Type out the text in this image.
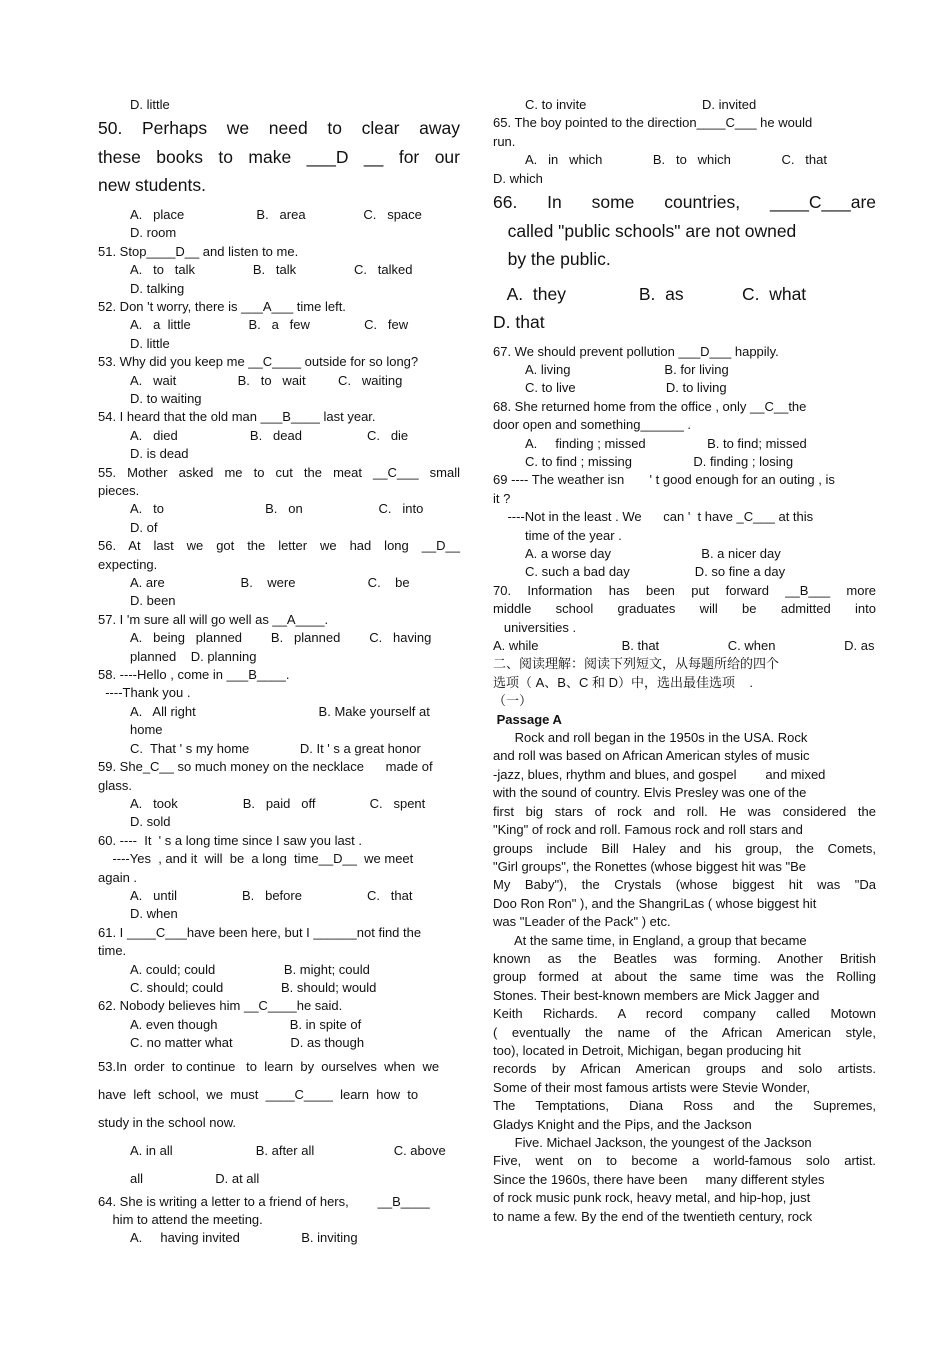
D. little
50. Perhaps we need to clear away
these books to make ___D __ for our
new students.
A.   place                    B.   area                C.   space
D. room
51. Stop____D__ and listen to me.
A.   to   talk                B.   talk                C.   talked
D. talking
52. Don 't worry, there is ___A___ time left.
A.   a  little                B.   a   few               C.   few
D. little
53. Why did you keep me __C____ outside for so long?
A.   wait                 B.   to   wait         C.   waiting
D. to waiting
54. I heard that the old man ___B____ last year.
A.   died                    B.   dead                  C.   die
D. is dead
55. Mother asked me to cut the meat __C___ small
pieces.
A.   to                            B.   on                     C.   into
D. of
56. At last we got the letter we had long __D__
expecting.
A. are                     B.    were                    C.    be
D. been
57. I 'm sure all will go well as __A____.
A.   being   planned        B.   planned        C.   having
planned    D. planning
58. ----Hello , come in ___B____.
----Thank you .
A.   All right                                  B. Make yourself at
home
C.  That ' s my home              D. It ' s a great honor
59. She_C__ so much money on the necklace      made of
glass.
A.   took                  B.   paid   off               C.   spent
D. sold
60. ----  It  ' s a long time since I saw you last .
----Yes  , and it  will  be  a long  time__D__  we meet
again .
A.   until                  B.   before                  C.   that
D. when
61. I ____C___have been here, but I ______not find the
time.
A. could; could                   B. might; could
C. should; could                B. should; would
62. Nobody believes him __C____he said.
A. even though                    B. in spite of
C. no matter what                D. as though
53.In  order  to continue   to  learn  by  ourselves  when  we
have  left  school,  we  must  ____C____  learn  how  to
study in the school now.
A. in all                       B. after all                      C. above
all                    D. at all
64. She is writing a letter to a friend of hers,        __B____
him to attend the meeting.
A.     having invited                 B. inviting
C. to invite                                D. invited
65. The boy pointed to the direction____C___ he would
run.
A.   in   which              B.   to   which              C.   that
D. which
66. In some countries, ____C___are
called "public schools" are not owned
by the public.
A.  they               B.  as            C.  what
D. that
67. We should prevent pollution ___D___ happily.
A. living                          B. for living
C. to live                         D. to living
68. She returned home from the office , only __C__the
door open and something______ .
A.     finding ; missed                 B. to find; missed
C. to find ; missing                 D. finding ; losing
69 ---- The weather isn       ' t good enough for an outing , is
it ?
----Not in the least . We      can '  t have _C___ at this
time of the year .
A. a worse day                         B. a nicer day
C. such a bad day                  D. so fine a day
70. Information has been put forward __B___ more
middle school graduates will be admitted into
universities .
A. while                       B. that                   C. when                   D. as
二、阅读理解：阅读下列短文，从每题所给的四个
选项（ A、B、C 和 D）中，选出最佳选项    .
（一）
Passage A
Rock and roll began in the 1950s in the USA. Rock
and roll was based on African American styles of music
-jazz, blues, rhythm and blues, and gospel        and mixed
with the sound of country. Elvis Presley was one of the
first big stars of rock and roll. He was considered the
"King" of rock and roll. Famous rock and roll stars and
groups include Bill Haley and his group, the Comets,
"Girl groups", the Ronettes (whose biggest hit was "Be
My Baby"), the Crystals (whose biggest hit was "Da
Doo Ron Ron" ), and the ShangriLas ( whose biggest hit
was "Leader of the Pack" ) etc.
At the same time, in England, a group that became
known as the Beatles was forming. Another British
group formed at about the same time was the Rolling
Stones. Their best-known members are Mick Jagger and
Keith Richards. A record company called Motown
( eventually the name of the African American style,
too), located in Detroit, Michigan, began producing hit
records by African American groups and solo artists.
Some of their most famous artists were Stevie Wonder,
The Temptations, Diana Ross and the Supremes,
Gladys Knight and the Pips, and the Jackson
Five. Michael Jackson, the youngest of the Jackson
Five, went on to become a world-famous solo artist.
Since the 1960s, there have been     many different styles
of rock music punk rock, heavy metal, and hip-hop, just
to name a few. By the end of the twentieth century, rock
